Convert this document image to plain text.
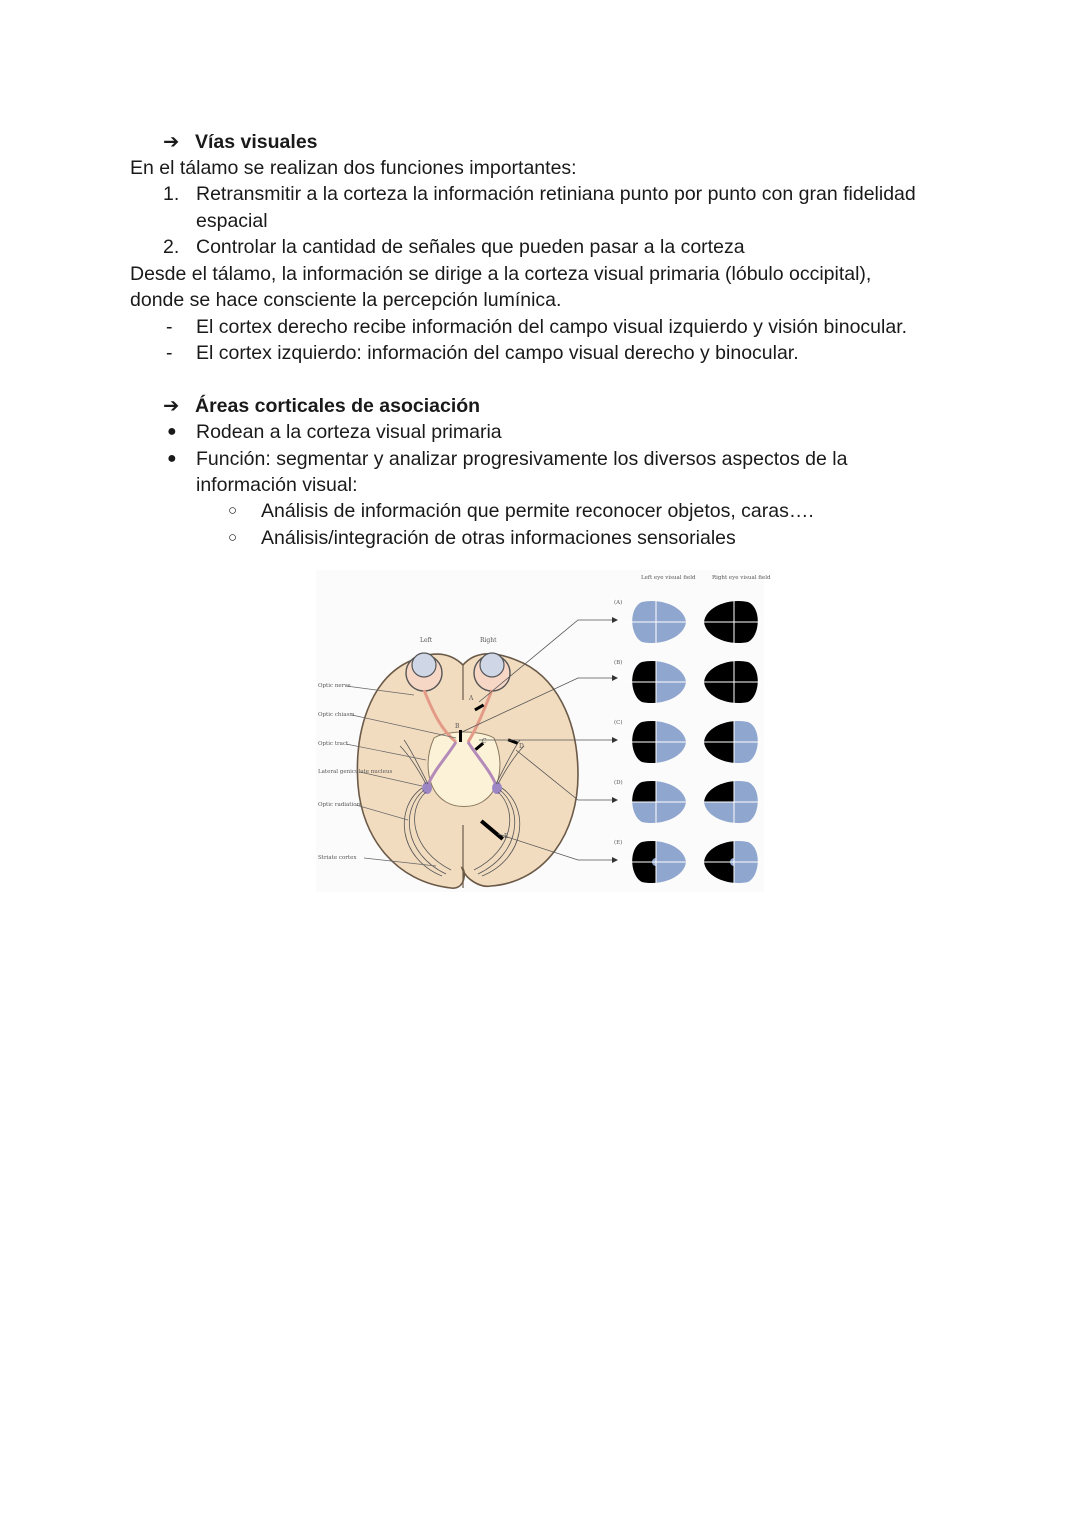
➔ Vías visuales
En el tálamo se realizan dos funciones importantes:
1. Retransmitir a la corteza la información retiniana punto por punto con gran fidelidad
espacial
2. Controlar la cantidad de señales que pueden pasar a la corteza
Desde el tálamo, la información se dirige a la corteza visual primaria (lóbulo occipital),
donde se hace consciente la percepción lumínica.
- El cortex derecho recibe información del campo visual izquierdo y visión binocular.
- El cortex izquierdo: información del campo visual derecho y binocular.
➔ Áreas corticales de asociación
● Rodean a la corteza visual primaria
● Función: segmentar y analizar progresivamente los diversos aspectos de la
información visual:
○ Análisis de información que permite reconocer objetos, caras….
○ Análisis/integración de otras informaciones sensoriales
A
B
C
D
E
Left	Right
Optic nerve
Optic chiasm
Optic tract
Lateral geniculate nucleus
Optic radiation
Striate cortex
Left eye visual field	Right eye visual field
(A)
(B)
(C)
(D)
(E)
